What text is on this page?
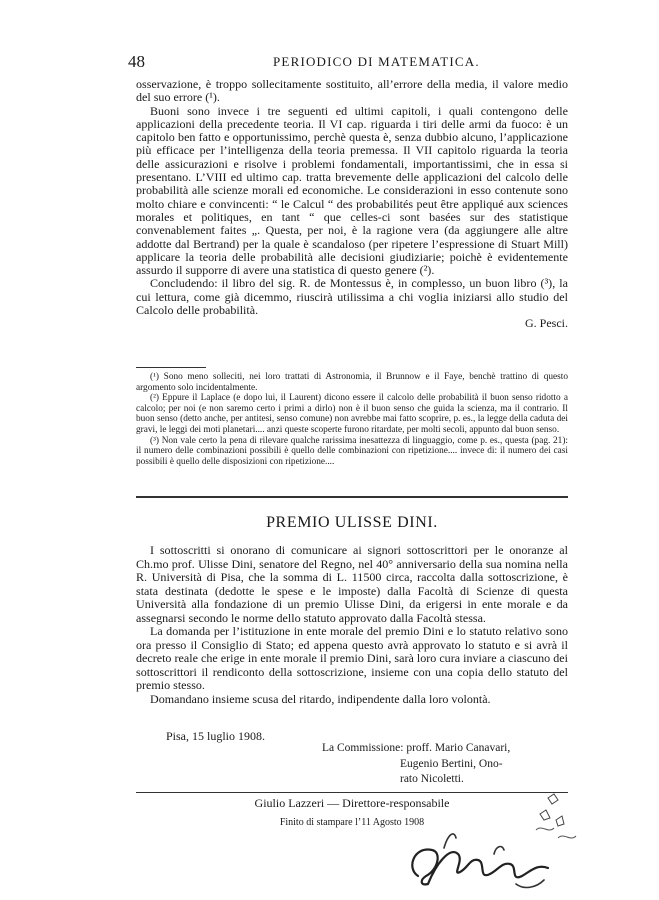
48	PERIODICO DI MATEMATICA.

osservazione, è troppo sollecitamente sostituito, all’errore della media, il valore medio del suo errore (¹).

Buoni sono invece i tre seguenti ed ultimi capitoli, i quali contengono delle applicazioni della precedente teoria. Il VI cap. riguarda i tiri delle armi da fuoco: è un capitolo ben fatto e opportunissimo, perchè questa è, senza dubbio alcuno, l’applicazione più efficace per l’intelligenza della teoria premessa. Il VII capitolo riguarda la teoria delle assicurazioni e risolve i problemi fondamentali, importantissimi, che in essa si presentano. L’VIII ed ultimo cap. tratta brevemente delle applicazioni del calcolo delle probabilità alle scienze morali ed economiche. Le considerazioni in esso contenute sono molto chiare e convincenti: “ le Calcul “ des probabilités peut être appliqué aux sciences morales et politiques, en tant “ que celles-ci sont basées sur des statistique convenablement faites „. Questa, per noi, è la ragione vera (da aggiungere alle altre addotte dal Bertrand) per la quale è scandaloso (per ripetere l’espressione di Stuart Mill) applicare la teoria delle probabilità alle decisioni giudiziarie; poichè è evidentemente assurdo il supporre di avere una statistica di questo genere (²).

Concludendo: il libro del sig. R. de Montessus è, in complesso, un buon libro (³), la cui lettura, come già dicemmo, riuscirà utilissima a chi voglia iniziarsi allo studio del Calcolo delle probabilità.

G. Pesci.

(¹) Sono meno solleciti, nei loro trattati di Astronomia, il Brunnow e il Faye, benchè trattino di questo argomento solo incidentalmente.

(²) Eppure il Laplace (e dopo lui, il Laurent) dicono essere il calcolo delle probabilità il buon senso ridotto a calcolo; per noi (e non saremo certo i primi a dirlo) non è il buon senso che guida la scienza, ma il contrario. Il buon senso (detto anche, per antitesi, senso comune) non avrebbe mai fatto scoprire, p. es., la legge della caduta dei gravi, le leggi dei moti planetari.... anzi queste scoperte furono ritardate, per molti secoli, appunto dal buon senso.

(³) Non vale certo la pena di rilevare qualche rarissima inesattezza di linguaggio, come p. es., questa (pag. 21): il numero delle combinazioni possibili è quello delle combinazioni con ripetizione.... invece di: il numero dei casi possibili è quello delle disposizioni con ripetizione....

PREMIO ULISSE DINI.

I sottoscritti si onorano di comunicare ai signori sottoscrittori per le onoranze al Ch.mo prof. Ulisse Dini, senatore del Regno, nel 40° anniversario della sua nomina nella R. Università di Pisa, che la somma di L. 11500 circa, raccolta dalla sottoscrizione, è stata destinata (dedotte le spese e le imposte) dalla Facoltà di Scienze di questa Università alla fondazione di un premio Ulisse Dini, da erigersi in ente morale e da assegnarsi secondo le norme dello statuto approvato dalla Facoltà stessa.

La domanda per l’istituzione in ente morale del premio Dini e lo statuto relativo sono ora presso il Consiglio di Stato; ed appena questo avrà approvato lo statuto e si avrà il decreto reale che erige in ente morale il premio Dini, sarà loro cura inviare a ciascuno dei sottoscrittori il rendiconto della sottoscrizione, insieme con una copia dello statuto del premio stesso.

Domandano insieme scusa del ritardo, indipendente dalla loro volontà.

Pisa, 15 luglio 1908.
La Commissione: proff. Mario Canavari,
Eugenio Bertini, Ono-
rato Nicoletti.
Giulio Lazzeri — Direttore-responsabile
Finito di stampare l’11 Agosto 1908
